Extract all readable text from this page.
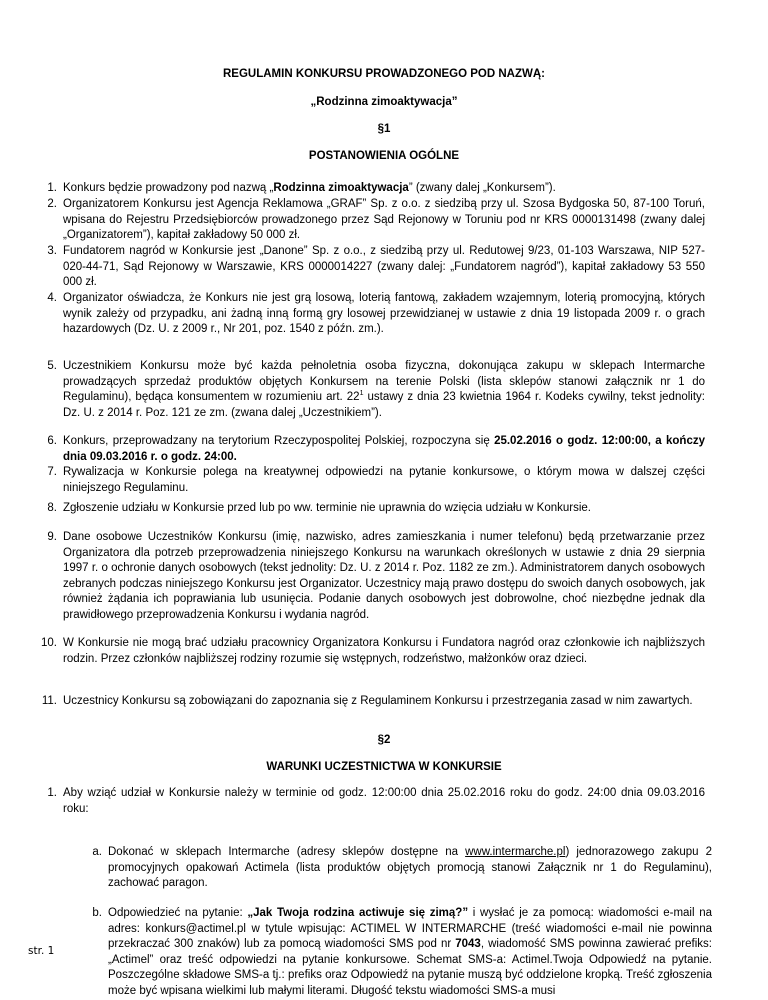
REGULAMIN KONKURSU PROWADZONEGO POD NAZWĄ:
„Rodzinna zimoaktywacja”
§1
POSTANOWIENIA OGÓLNE
1. Konkurs będzie prowadzony pod nazwą „Rodzinna zimoaktywacja” (zwany dalej „Konkursem”).
2. Organizatorem Konkursu jest Agencja Reklamowa „GRAF” Sp. z o.o. z siedzibą przy ul. Szosa Bydgoska 50, 87-100 Toruń, wpisana do Rejestru Przedsiębiorców prowadzonego przez Sąd Rejonowy w Toruniu pod nr KRS 0000131498 (zwany dalej „Organizatorem”), kapitał zakładowy 50 000 zł.
3. Fundatorem nagród w Konkursie jest „Danone” Sp. z o.o., z siedzibą przy ul. Redutowej 9/23, 01-103 Warszawa, NIP 527-020-44-71, Sąd Rejonowy w Warszawie, KRS 0000014227 (zwany dalej: „Fundatorem nagród”), kapitał zakładowy 53 550 000 zł.
4. Organizator oświadcza, że Konkurs nie jest grą losową, loterią fantową, zakładem wzajemnym, loterią promocyjną, których wynik zależy od przypadku, ani żadną inną formą gry losowej przewidzianej w ustawie z dnia 19 listopada 2009 r. o grach hazardowych (Dz. U. z 2009 r., Nr 201, poz. 1540 z późn. zm.).
5. Uczestnikiem Konkursu może być każda pełnoletnia osoba fizyczna, dokonująca zakupu w sklepach Intermarche prowadzących sprzedaż produktów objętych Konkursem na terenie Polski (lista sklepów stanowi załącznik nr 1 do Regulaminu), będąca konsumentem w rozumieniu art. $22^1$ ustawy z dnia 23 kwietnia 1964 r. Kodeks cywilny, tekst jednolity: Dz. U. z 2014 r. Poz. 121 ze zm. (zwana dalej „Uczestnikiem”).
6. Konkurs, przeprowadzany na terytorium Rzeczypospolitej Polskiej, rozpoczyna się 25.02.2016 o godz. 12:00:00, a kończy dnia 09.03.2016 r. o godz. 24:00.
7. Rywalizacja w Konkursie polega na kreatywnej odpowiedzi na pytanie konkursowe, o którym mowa w dalszej części niniejszego Regulaminu.
8. Zgłoszenie udziału w Konkursie przed lub po ww. terminie nie uprawnia do wzięcia udziału w Konkursie.
9. Dane osobowe Uczestników Konkursu (imię, nazwisko, adres zamieszkania i numer telefonu) będą przetwarzanie przez Organizatora dla potrzeb przeprowadzenia niniejszego Konkursu na warunkach określonych w ustawie z dnia 29 sierpnia 1997 r. o ochronie danych osobowych (tekst jednolity: Dz. U. z 2014 r. Poz. 1182 ze zm.). Administratorem danych osobowych zebranych podczas niniejszego Konkursu jest Organizator. Uczestnicy mają prawo dostępu do swoich danych osobowych, jak również żądania ich poprawiania lub usunięcia. Podanie danych osobowych jest dobrowolne, choć niezbędne jednak dla prawidłowego przeprowadzenia Konkursu i wydania nagród.
10. W Konkursie nie mogą brać udziału pracownicy Organizatora Konkursu i Fundatora nagród oraz członkowie ich najbliższych rodzin. Przez członków najbliższej rodziny rozumie się wstępnych, rodzeństwo, małżonków oraz dzieci.
11. Uczestnicy Konkursu są zobowiązani do zapoznania się z Regulaminem Konkursu i przestrzegania zasad w nim zawartych.
§2
WARUNKI UCZESTNICTWA W KONKURSIE
1. Aby wziąć udział w Konkursie należy w terminie od godz. 12:00:00 dnia 25.02.2016 roku do godz. 24:00 dnia 09.03.2016 roku:
a. Dokonać w sklepach Intermarche (adresy sklepów dostępne na www.intermarche.pl) jednorazowego zakupu 2 promocyjnych opakowań Actimela (lista produktów objętych promocją stanowi Załącznik nr 1 do Regulaminu), zachować paragon.
b. Odpowiedzieć na pytanie: „Jak Twoja rodzina actiwuje się zimą?” i wysłać je za pomocą: wiadomości e-mail na adres: konkurs@actimel.pl w tytule wpisując: ACTIMEL W INTERMARCHE (treść wiadomości e-mail nie powinna przekraczać 300 znaków) lub za pomocą wiadomości SMS pod nr 7043, wiadomość SMS powinna zawierać prefiks: „Actimel” oraz treść odpowiedzi na pytanie konkursowe. Schemat SMS-a: Actimel.Twoja Odpowiedź na pytanie. Poszczególne składowe SMS-a tj.: prefiks oraz Odpowiedź na pytanie muszą być oddzielone kropką. Treść zgłoszenia może być wpisana wielkimi lub małymi literami. Długość tekstu wiadomości SMS-a musi
str. 1
